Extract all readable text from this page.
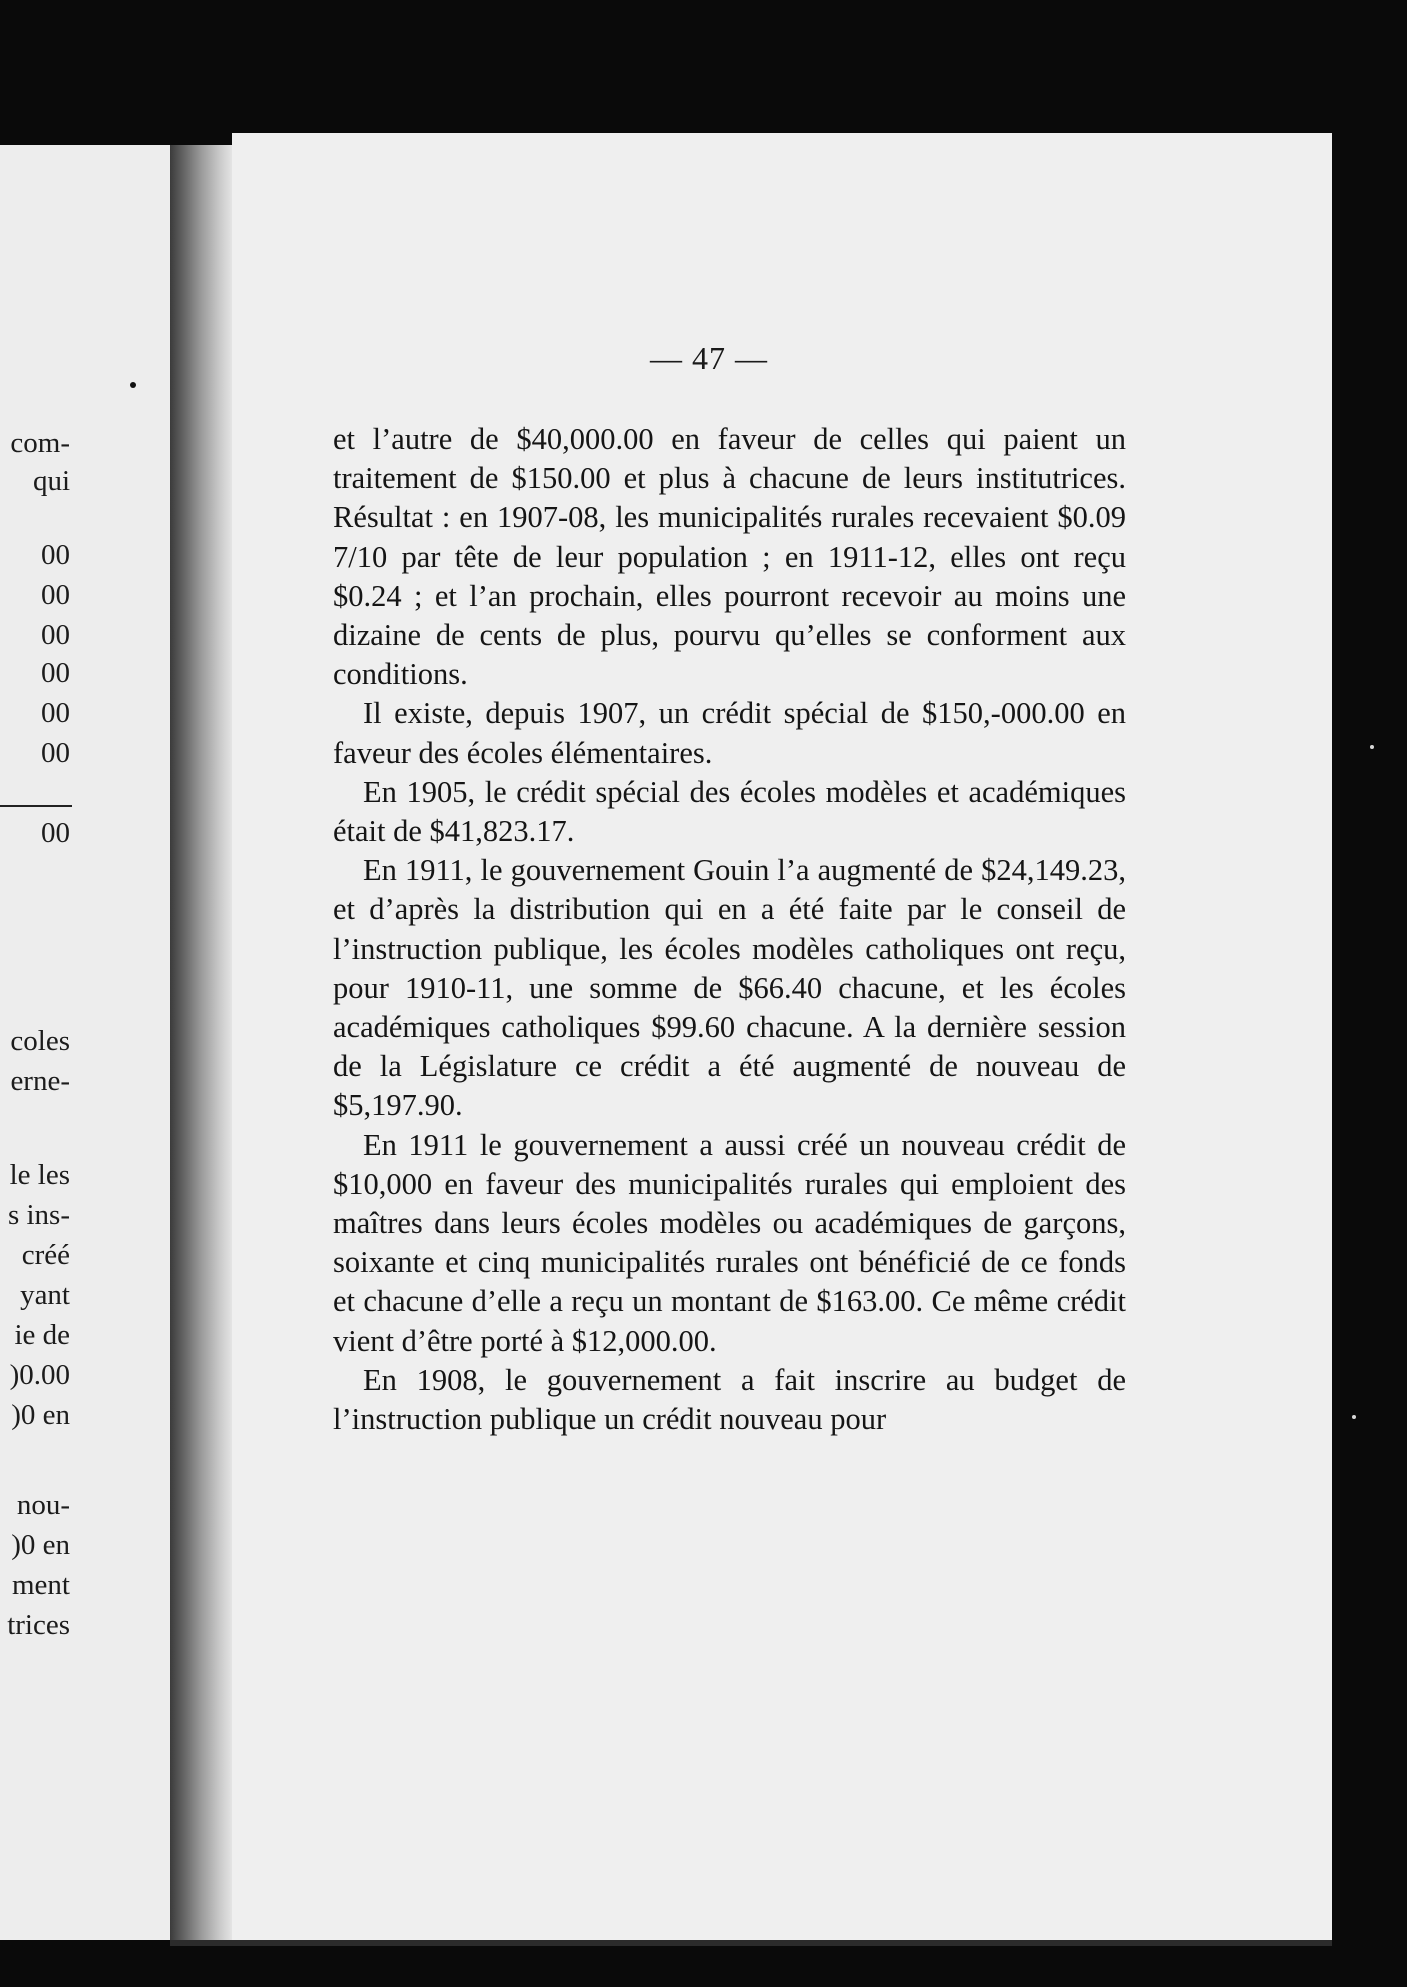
com-
qui
00
00
00
00
00
00
00
coles
erne-
le les
s ins-
créé
yant
ie de
)0.00
)0 en
nou-
)0 en
ment
trices
— 47 —

et l’autre de $40,000.00 en faveur de celles qui paient un traitement de $150.00 et plus à chacune de leurs institutrices. Résultat : en 1907-08, les municipalités rurales recevaient $0.09 7/10 par tête de leur population ; en 1911-12, elles ont reçu $0.24 ; et l’an prochain, elles pourront recevoir au moins une dizaine de cents de plus, pourvu qu’elles se conforment aux conditions.

Il existe, depuis 1907, un crédit spécial de $150,-000.00 en faveur des écoles élémentaires.

En 1905, le crédit spécial des écoles modèles et académiques était de $41,823.17.

En 1911, le gouvernement Gouin l’a augmenté de $24,149.23, et d’après la distribution qui en a été faite par le conseil de l’instruction publique, les écoles modèles catholiques ont reçu, pour 1910-11, une somme de $66.40 chacune, et les écoles académiques catholiques $99.60 chacune. A la dernière session de la Législature ce crédit a été augmenté de nouveau de $5,197.90.

En 1911 le gouvernement a aussi créé un nouveau crédit de $10,000 en faveur des municipalités rurales qui emploient des maîtres dans leurs écoles modèles ou académiques de garçons, soixante et cinq municipalités rurales ont bénéficié de ce fonds et chacune d’elle a reçu un montant de $163.00. Ce même crédit vient d’être porté à $12,000.00.

En 1908, le gouvernement a fait inscrire au budget de l’instruction publique un crédit nouveau pour
